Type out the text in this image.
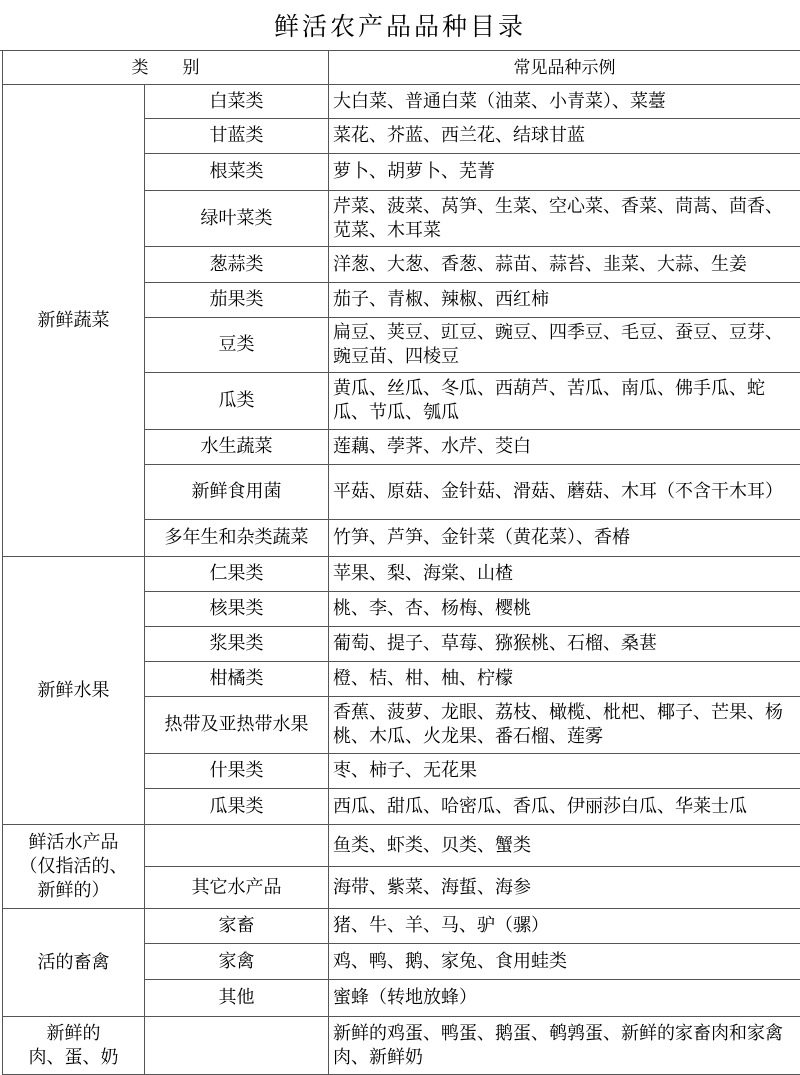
鲜活农产品品种目录
类　　别		常见品种示例
新鲜蔬菜	白菜类	大白菜、普通白菜（油菜、小青菜）、菜薹
	甘蓝类	菜花、芥蓝、西兰花、结球甘蓝
	根菜类	萝卜、胡萝卜、芜菁
	绿叶菜类	芹菜、菠菜、莴笋、生菜、空心菜、香菜、茼蒿、茴香、苋菜、木耳菜
	葱蒜类	洋葱、大葱、香葱、蒜苗、蒜苔、韭菜、大蒜、生姜
	茄果类	茄子、青椒、辣椒、西红柿
	豆类	扁豆、荚豆、豇豆、豌豆、四季豆、毛豆、蚕豆、豆芽、豌豆苗、四棱豆
	瓜类	黄瓜、丝瓜、冬瓜、西葫芦、苦瓜、南瓜、佛手瓜、蛇瓜、节瓜、瓠瓜
	水生蔬菜	莲藕、荸荠、水芹、茭白
	新鲜食用菌	平菇、原菇、金针菇、滑菇、蘑菇、木耳（不含干木耳）
	多年生和杂类蔬菜	竹笋、芦笋、金针菜（黄花菜）、香椿
新鲜水果	仁果类	苹果、梨、海棠、山楂
	核果类	桃、李、杏、杨梅、樱桃
	浆果类	葡萄、提子、草莓、猕猴桃、石榴、桑葚
	柑橘类	橙、桔、柑、柚、柠檬
	热带及亚热带水果	香蕉、菠萝、龙眼、荔枝、橄榄、枇杷、椰子、芒果、杨桃、木瓜、火龙果、番石榴、莲雾
	什果类	枣、柿子、无花果
	瓜果类	西瓜、甜瓜、哈密瓜、香瓜、伊丽莎白瓜、华莱士瓜

鲜活水产品
（仅指活的、
新鲜的）		鱼类、虾类、贝类、蟹类
	其它水产品	海带、紫菜、海蜇、海参
活的畜禽	家畜	猪、牛、羊、马、驴（骡）
	家禽	鸡、鸭、鹅、家兔、食用蛙类
	其他	蜜蜂（转地放蜂）

新鲜的
肉、蛋、奶		新鲜的鸡蛋、鸭蛋、鹅蛋、鹌鹑蛋、新鲜的家畜肉和家禽肉、新鲜奶
